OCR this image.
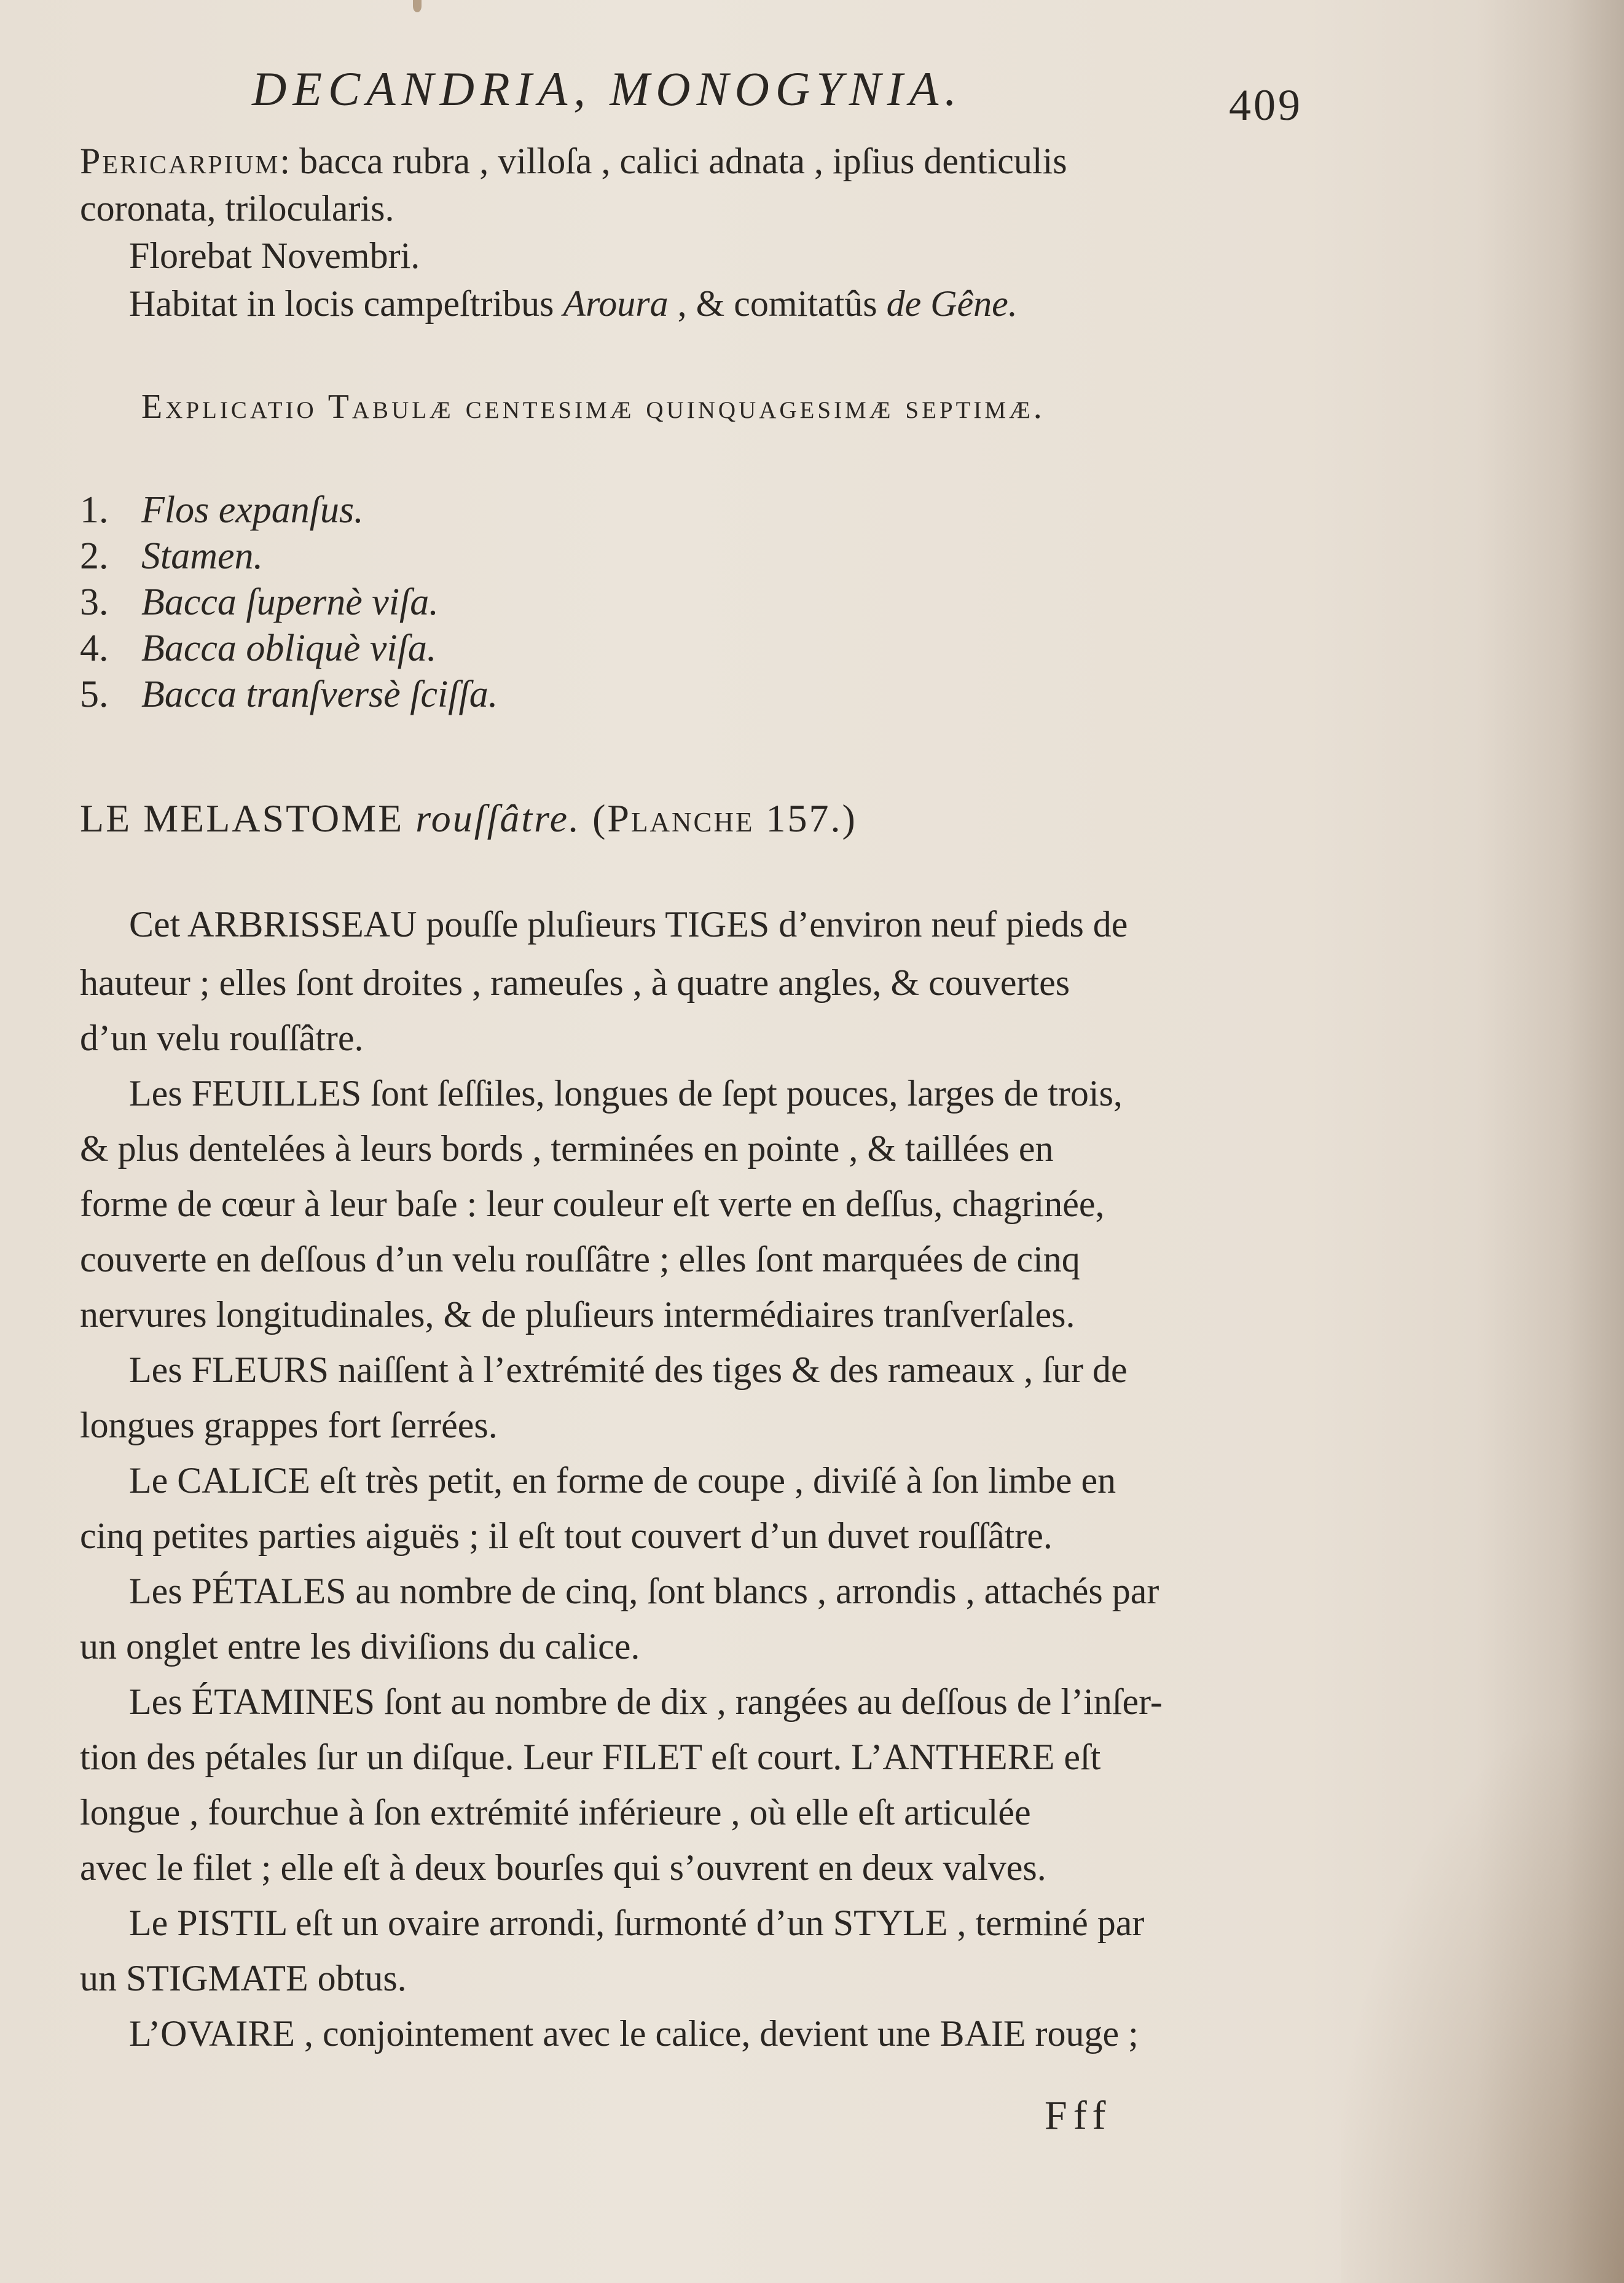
DECANDRIA, MONOGYNIA.	409
Pericarpium: bacca rubra , villoſa , calici adnata , ipſius denticulis
coronata, trilocularis.
Florebat Novembri.
Habitat in locis campeſtribus Aroura , & comitatûs de Gêne.
Explicatio Tabulæ centesimæ quinquagesimæ septimæ.
1. Flos expanſus.
2. Stamen.
3. Bacca ſupernè viſa.
4. Bacca obliquè viſa.
5. Bacca tranſversè ſciſſa.
LE MELASTOME rouſſâtre. (Planche 157.)
Cet ARBRISSEAU pouſſe pluſieurs TIGES d’environ neuf pieds de
hauteur ; elles ſont droites , rameuſes , à quatre angles, & couvertes
d’un velu rouſſâtre.
Les FEUILLES ſont ſeſſiles, longues de ſept pouces, larges de trois,
& plus dentelées à leurs bords , terminées en pointe , & taillées en
forme de cœur à leur baſe : leur couleur eſt verte en deſſus, chagrinée,
couverte en deſſous d’un velu rouſſâtre ; elles ſont marquées de cinq
nervures longitudinales, & de pluſieurs intermédiaires tranſverſales.
Les FLEURS naiſſent à l’extrémité des tiges & des rameaux , ſur de
longues grappes fort ſerrées.
Le CALICE eſt très petit, en forme de coupe , diviſé à ſon limbe en
cinq petites parties aiguës ; il eſt tout couvert d’un duvet rouſſâtre.
Les PÉTALES au nombre de cinq, ſont blancs , arrondis , attachés par
un onglet entre les diviſions du calice.
Les ÉTAMINES ſont au nombre de dix , rangées au deſſous de l’inſer-
tion des pétales ſur un diſque. Leur FILET eſt court. L’ANTHERE eſt
longue , fourchue à ſon extrémité inférieure , où elle eſt articulée
avec le filet ; elle eſt à deux bourſes qui s’ouvrent en deux valves.
Le PISTIL eſt un ovaire arrondi, ſurmonté d’un STYLE , terminé par
un STIGMATE obtus.
L’OVAIRE , conjointement avec le calice, devient une BAIE rouge ;
Fff
